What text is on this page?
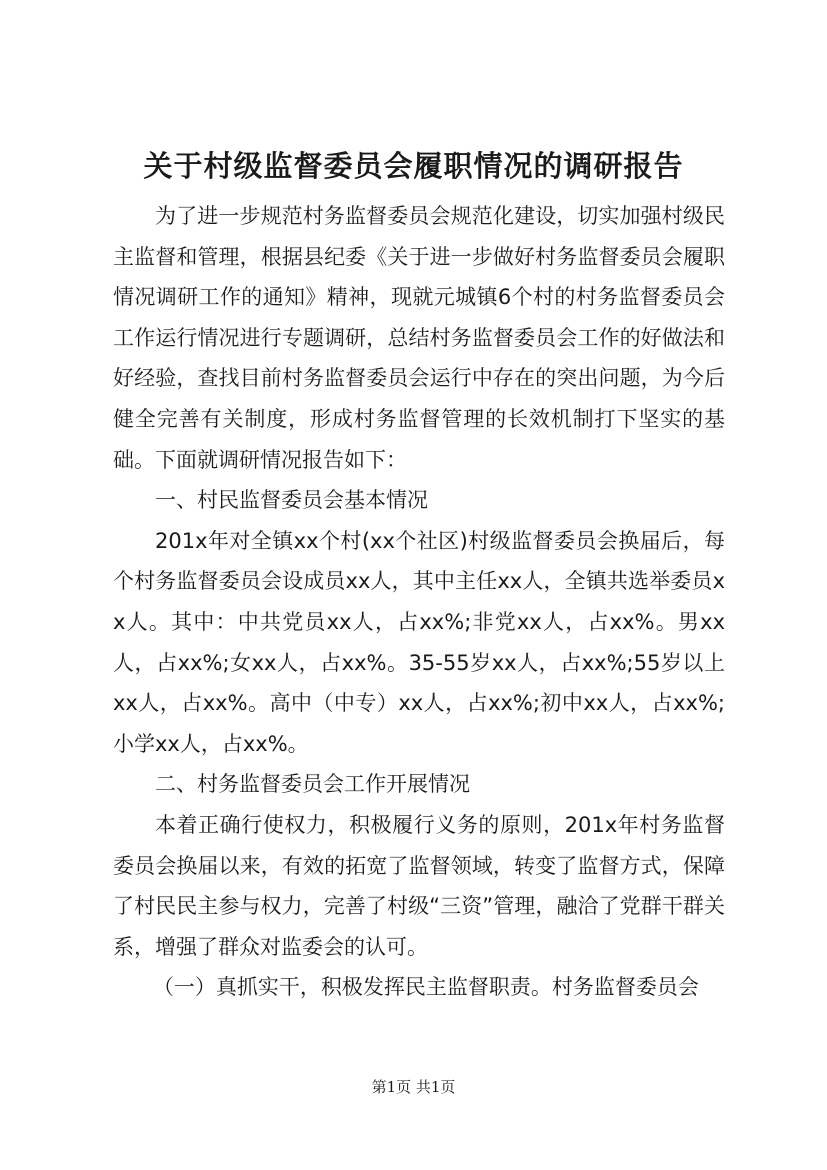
关于村级监督委员会履职情况的调研报告

为了进一步规范村务监督委员会规范化建设，切实加强村级民主监督和管理，根据县纪委《关于进一步做好村务监督委员会履职情况调研工作的通知》精神，现就元城镇6个村的村务监督委员会工作运行情况进行专题调研，总结村务监督委员会工作的好做法和好经验，查找目前村务监督委员会运行中存在的突出问题，为今后健全完善有关制度，形成村务监督管理的长效机制打下坚实的基础。下面就调研情况报告如下：

一、村民监督委员会基本情况

201x年对全镇xx个村(xx个社区)村级监督委员会换届后，每个村务监督委员会设成员xx人，其中主任xx人，全镇共选举委员xx人。其中：中共党员xx人，占xx%;非党xx人，占xx%。男xx人，占xx%;女xx人，占xx%。35-55岁xx人，占xx%;55岁以上xx人，占xx%。高中（中专）xx人，占xx%;初中xx人，占xx%;小学xx人，占xx%。

二、村务监督委员会工作开展情况

本着正确行使权力，积极履行义务的原则，201x年村务监督委员会换届以来，有效的拓宽了监督领域，转变了监督方式，保障了村民民主参与权力，完善了村级“三资”管理，融洽了党群干群关系，增强了群众对监委会的认可。

（一）真抓实干，积极发挥民主监督职责。村务监督委员会

第1页 共1页
